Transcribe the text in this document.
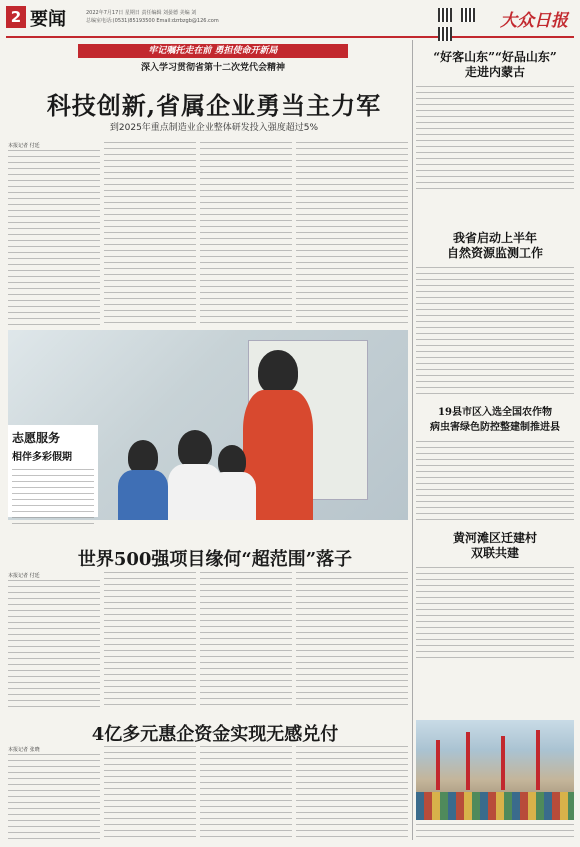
2 要闻	2022年7月17日 星期日 责任编辑 刘晏德 美编 刘
总编室电话:(0531)85193500 Email:dzrbzgb@126.com
	大众日报
牢记嘱托走在前 勇担使命开新局
深入学习贯彻省第十二次党代会精神
科技创新,省属企业勇当主力军
到2025年重点制造业企业整体研发投入强度超过5%
本报记者 付廷
志愿服务
相伴多彩假期
“好客山东”“好品山东”
走进内蒙古
我省启动上半年
自然资源监测工作
19县市区入选全国农作物
病虫害绿色防控整建制推进县
黄河滩区迁建村
双联共建
世界500强项目缘何“超范围”落子
本报记者 付廷
4亿多元惠企资金实现无感兑付
本报记者 张晓
